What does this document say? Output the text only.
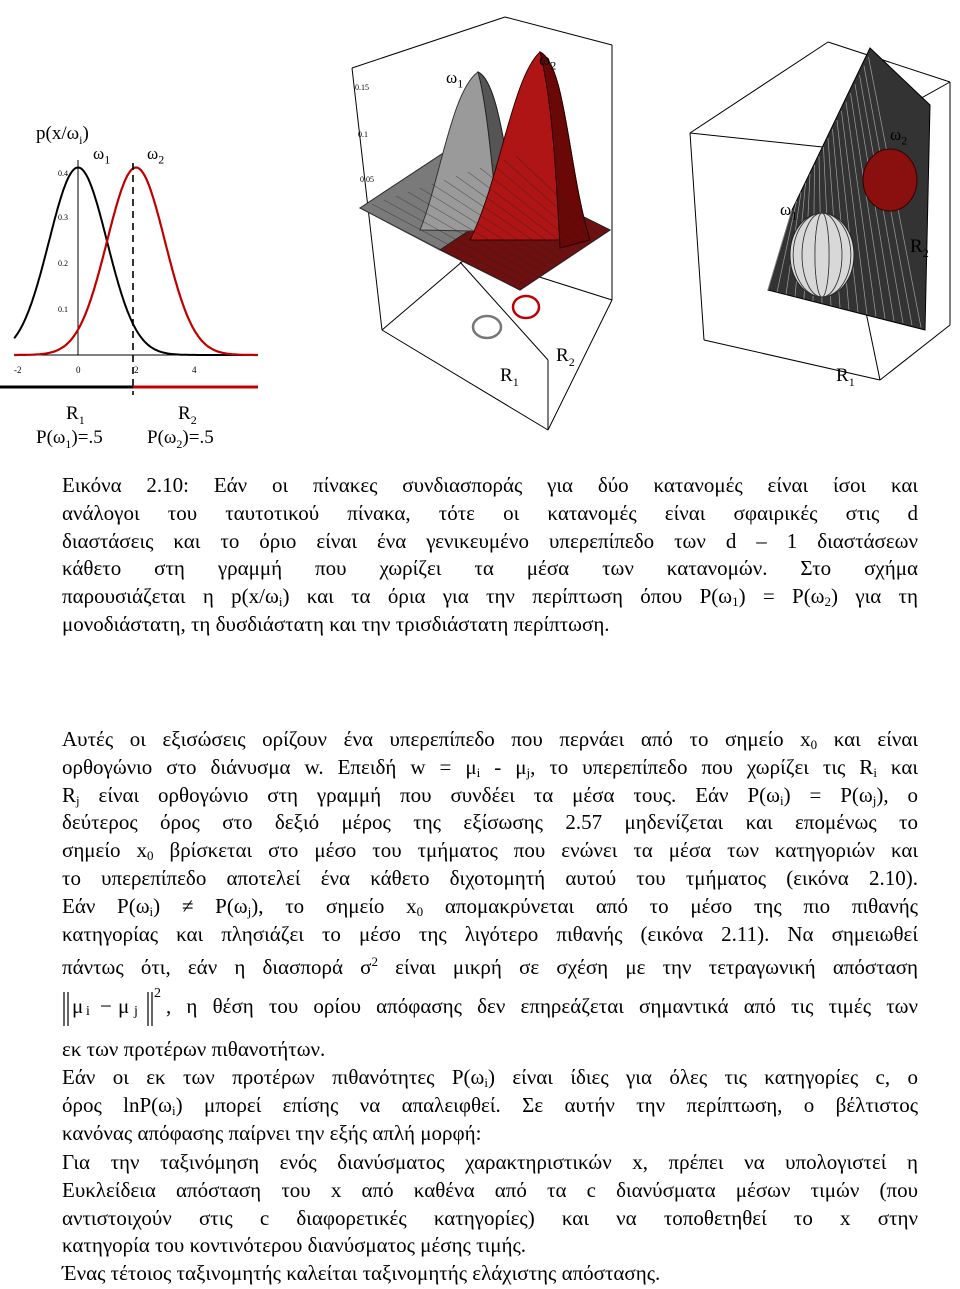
$p(x/\omega_i)$
$\omega_1$ $\omega_2$
0.4
0.3
0.2
0.1
-2	0	2	4
$R_1$	$R_2$
$P(\omega_1)=.5$ $P(\omega_2)=.5$
0.15
0.1
0.05
$\omega_1$
$\omega_2$
$R_1$
$R_2$
$\omega_2$
$\omega_1$
$R_2$
$R_1$
Εικόνα 2.10: Εάν οι πίνακες συνδιασποράς για δύο κατανομές είναι ίσοι και
ανάλογοι του ταυτοτικού πίνακα, τότε οι κατανομές είναι σφαιρικές στις d
διαστάσεις και το όριο είναι ένα γενικευμένο υπερεπίπεδο των d – 1 διαστάσεων
κάθετο στη γραμμή που χωρίζει τα μέσα των κατανομών. Στο σχήμα
παρουσιάζεται η $p(x/\omega_i)$ και τα όρια για την περίπτωση όπου $P(\omega_1) = P(\omega_2)$ για τη
μονοδιάστατη, τη δυσδιάστατη και την τρισδιάστατη περίπτωση.
Αυτές οι εξισώσεις ορίζουν ένα υπερεπίπεδο που περνάει από το σημείο $x_0$ και είναι
ορθογώνιο στο διάνυσμα w. Επειδή $w = \mu_i - \mu_j$, το υπερεπίπεδο που χωρίζει τις $R_i$ και
$R_j$ είναι ορθογώνιο στη γραμμή που συνδέει τα μέσα τους. Εάν $P(\omega_i) = P(\omega_j)$, ο
δεύτερος όρος στο δεξιό μέρος της εξίσωσης 2.57 μηδενίζεται και επομένως το
σημείο $x_0$ βρίσκεται στο μέσο του τμήματος που ενώνει τα μέσα των κατηγοριών και
το υπερεπίπεδο αποτελεί ένα κάθετο διχοτομητή αυτού του τμήματος (εικόνα 2.10).
Εάν $P(\omega_i) \ne P(\omega_j)$, το σημείο $x_0$ απομακρύνεται από το μέσο της πιο πιθανής
κατηγορίας και πλησιάζει το μέσο της λιγότερο πιθανής (εικόνα 2.11). Να σημειωθεί
πάντως ότι, εάν η διασπορά $\sigma^2$ είναι μικρή σε σχέση με την τετραγωνική απόσταση
μ i − μ j
2
, η θέση του ορίου απόφασης δεν επηρεάζεται σημαντικά από τις τιμές των
εκ των προτέρων πιθανοτήτων.
Εάν οι εκ των προτέρων πιθανότητες $P(\omega_i)$ είναι ίδιες για όλες τις κατηγορίες c, ο
όρος $\ln P(\omega_i)$ μπορεί επίσης να απαλειφθεί. Σε αυτήν την περίπτωση, ο βέλτιστος
κανόνας απόφασης παίρνει την εξής απλή μορφή:
Για την ταξινόμηση ενός διανύσματος χαρακτηριστικών x, πρέπει να υπολογιστεί η
Ευκλείδεια απόσταση του x από καθένα από τα c διανύσματα μέσων τιμών (που
αντιστοιχούν στις c διαφορετικές κατηγορίες) και να τοποθετηθεί το x στην
κατηγορία του κοντινότερου διανύσματος μέσης τιμής.
Ένας τέτοιος ταξινομητής καλείται ταξινομητής ελάχιστης απόστασης.
